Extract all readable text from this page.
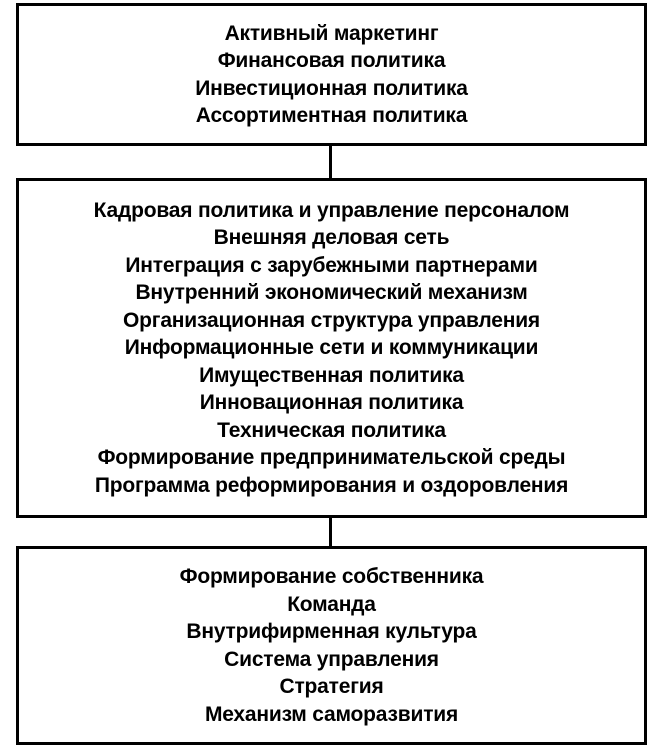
Активный маркетинг
Финансовая политика
Инвестиционная политика
Ассортиментная политика
Кадровая политика и управление персоналом
Внешняя деловая сеть
Интеграция с зарубежными партнерами
Внутренний экономический механизм
Организационная структура управления
Информационные сети и коммуникации
Имущественная политика
Инновационная политика
Техническая политика
Формирование предпринимательской среды
Программа реформирования и оздоровления
Формирование собственника
Команда
Внутрифирменная культура
Система управления
Стратегия
Механизм саморазвития
